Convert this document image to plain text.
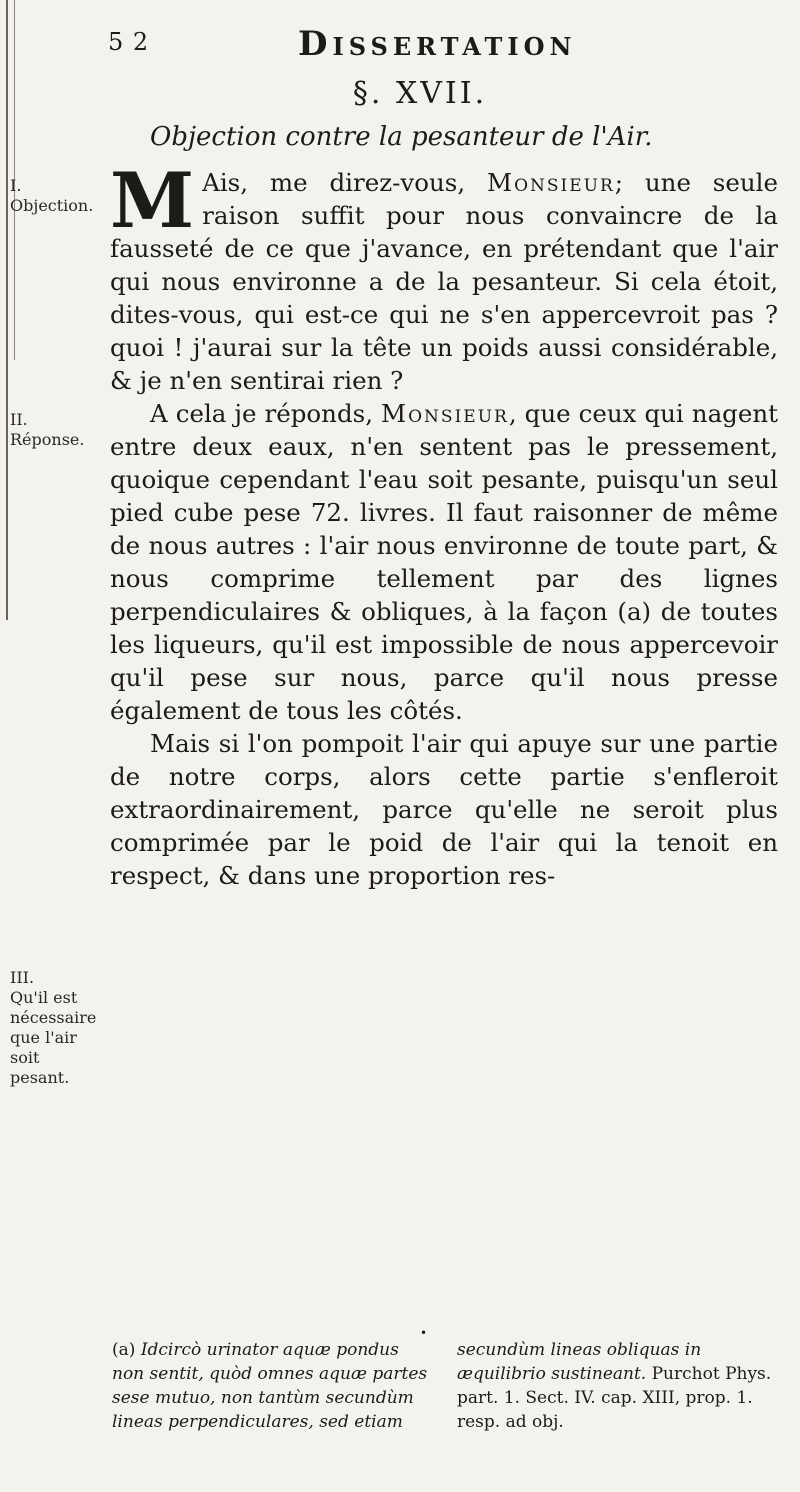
5 2	Dissertation
§. XVII.
Objection contre la pesanteur de l'Air.
I.
Objection.
II.
Réponse.
III.
Qu'il est nécessaire que l'air soit pesant.

M Ais, me direz-vous, Monsieur; une seule raison suffit pour nous convaincre de la fausseté de ce que j'avance, en prétendant que l'air qui nous environne a de la pesanteur. Si cela étoit, dites-vous, qui est-ce qui ne s'en appercevroit pas ? quoi ! j'aurai sur la tête un poids aussi considérable, & je n'en sentirai rien ?

A cela je réponds, Monsieur, que ceux qui nagent entre deux eaux, n'en sentent pas le pressement, quoique cependant l'eau soit pesante, puisqu'un seul pied cube pese 72. livres. Il faut raisonner de même de nous autres : l'air nous environne de toute part, & nous comprime tellement par des lignes perpendiculaires & obliques, à la façon (a) de toutes les liqueurs, qu'il est impossible de nous appercevoir qu'il pese sur nous, parce qu'il nous presse également de tous les côtés.

Mais si l'on pompoit l'air qui apuye sur une partie de notre corps, alors cette partie s'enfleroit extraordinairement, parce qu'elle ne seroit plus comprimée par le poid de l'air qui la tenoit en respect, & dans une proportion res-

•
(a) Idcircò urinator aquæ pondus non sentit, quòd omnes aquæ partes sese mutuo, non tantùm secundùm lineas perpendiculares, sed etiam secundùm lineas obliquas in æquilibrio sustineant. Purchot Phys. part. 1. Sect. IV. cap. XIII, prop. 1. resp. ad obj.
